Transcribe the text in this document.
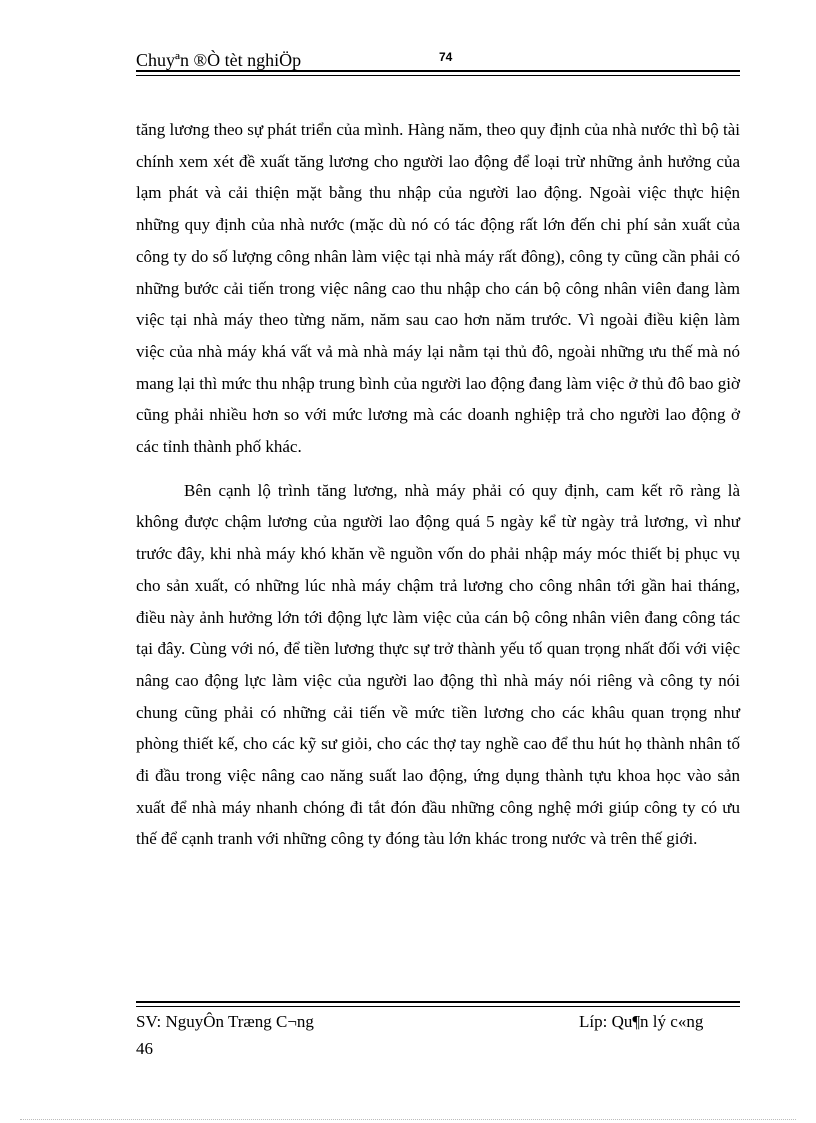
Chuyªn ®Ò tèt nghiÖp	74

tăng lương theo sự phát triển của mình. Hàng năm, theo quy định của nhà nước thì bộ tài chính xem xét đề xuất tăng lương cho người lao động để loại trừ những ảnh hưởng của lạm phát và cải thiện mặt bằng thu nhập của người lao động. Ngoài việc thực hiện những quy định của nhà nước (mặc dù nó có tác động rất lớn đến chi phí sản xuất của công ty do số lượng công nhân làm việc tại nhà máy rất đông), công ty cũng cần phải có những bước cải tiến trong việc nâng cao thu nhập cho cán bộ công nhân viên đang làm việc tại nhà máy theo từng năm, năm sau cao hơn năm trước. Vì ngoài điều kiện làm việc của nhà máy khá vất vả mà nhà máy lại nằm tại thủ đô, ngoài những ưu thế mà nó mang lại thì mức thu nhập trung bình của người lao động đang làm việc ở thủ đô bao giờ cũng phải nhiều hơn so với mức lương mà các doanh nghiệp trả cho người lao động ở các tỉnh thành phố khác.

Bên cạnh lộ trình tăng lương, nhà máy phải có quy định, cam kết rõ ràng là không được chậm lương của người lao động quá 5 ngày kể từ ngày trả lương, vì như trước đây, khi nhà máy khó khăn về nguồn vốn do phải nhập máy móc thiết bị phục vụ cho sản xuất, có những lúc nhà máy chậm trả lương cho công nhân tới gần hai tháng, điều này ảnh hưởng lớn tới động lực làm việc của cán bộ công nhân viên đang công tác tại đây. Cùng với nó, để tiền lương thực sự trở thành yếu tố quan trọng nhất đối với việc nâng cao động lực làm việc của người lao động thì nhà máy nói riêng và công ty nói chung cũng phải có những cải tiến về mức tiền lương cho các khâu quan trọng như phòng thiết kế, cho các kỹ sư giỏi, cho các thợ tay nghề cao để thu hút họ thành nhân tố đi đầu trong việc nâng cao năng suất lao động, ứng dụng thành tựu khoa học vào sản xuất để nhà máy nhanh chóng đi tắt đón đầu những công nghệ mới giúp công ty có ưu thế để cạnh tranh với những công ty đóng tàu lớn khác trong nước và trên thế giới.

SV: NguyÔn Træng C¬ng	Líp: Qu¶n lý c«ng
46
